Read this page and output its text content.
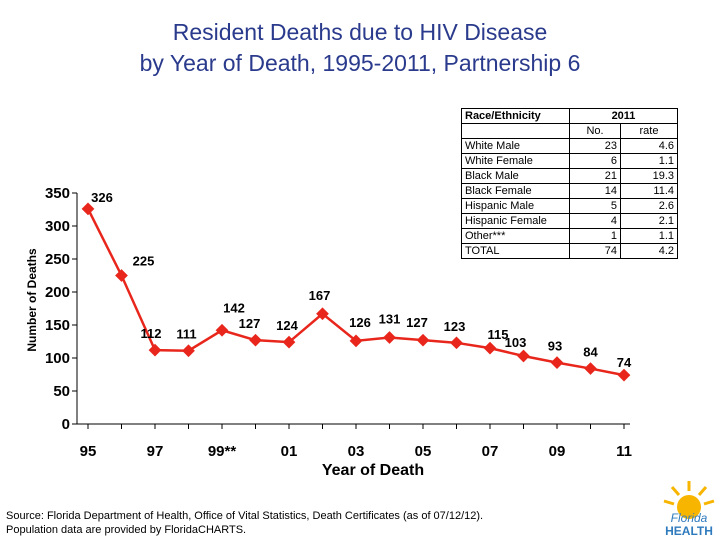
Resident Deaths due to HIV Disease
by Year of Death, 1995-2011, Partnership 6
0
50
100
150
200
250
300
350
95	97	99**	01	03	05	07	09	11
326
225
112 111
142
127 124
167
126 131 127 123
115
103 93 84
74
Year of Death
Number of Deaths
Race/Ethnicity	2011	
	No.	rate
White Male	23	4.6
White Female	6	1.1
Black Male	21	19.3
Black Female	14	11.4
Hispanic Male	5	2.6
Hispanic Female	4	2.1
Other***	1	1.1
TOTAL	74	4.2
Source: Florida Department of Health, Office of Vital Statistics, Death Certificates (as of 07/12/12).
Population data are provided by FloridaCHARTS.
Florida
HEALTH
